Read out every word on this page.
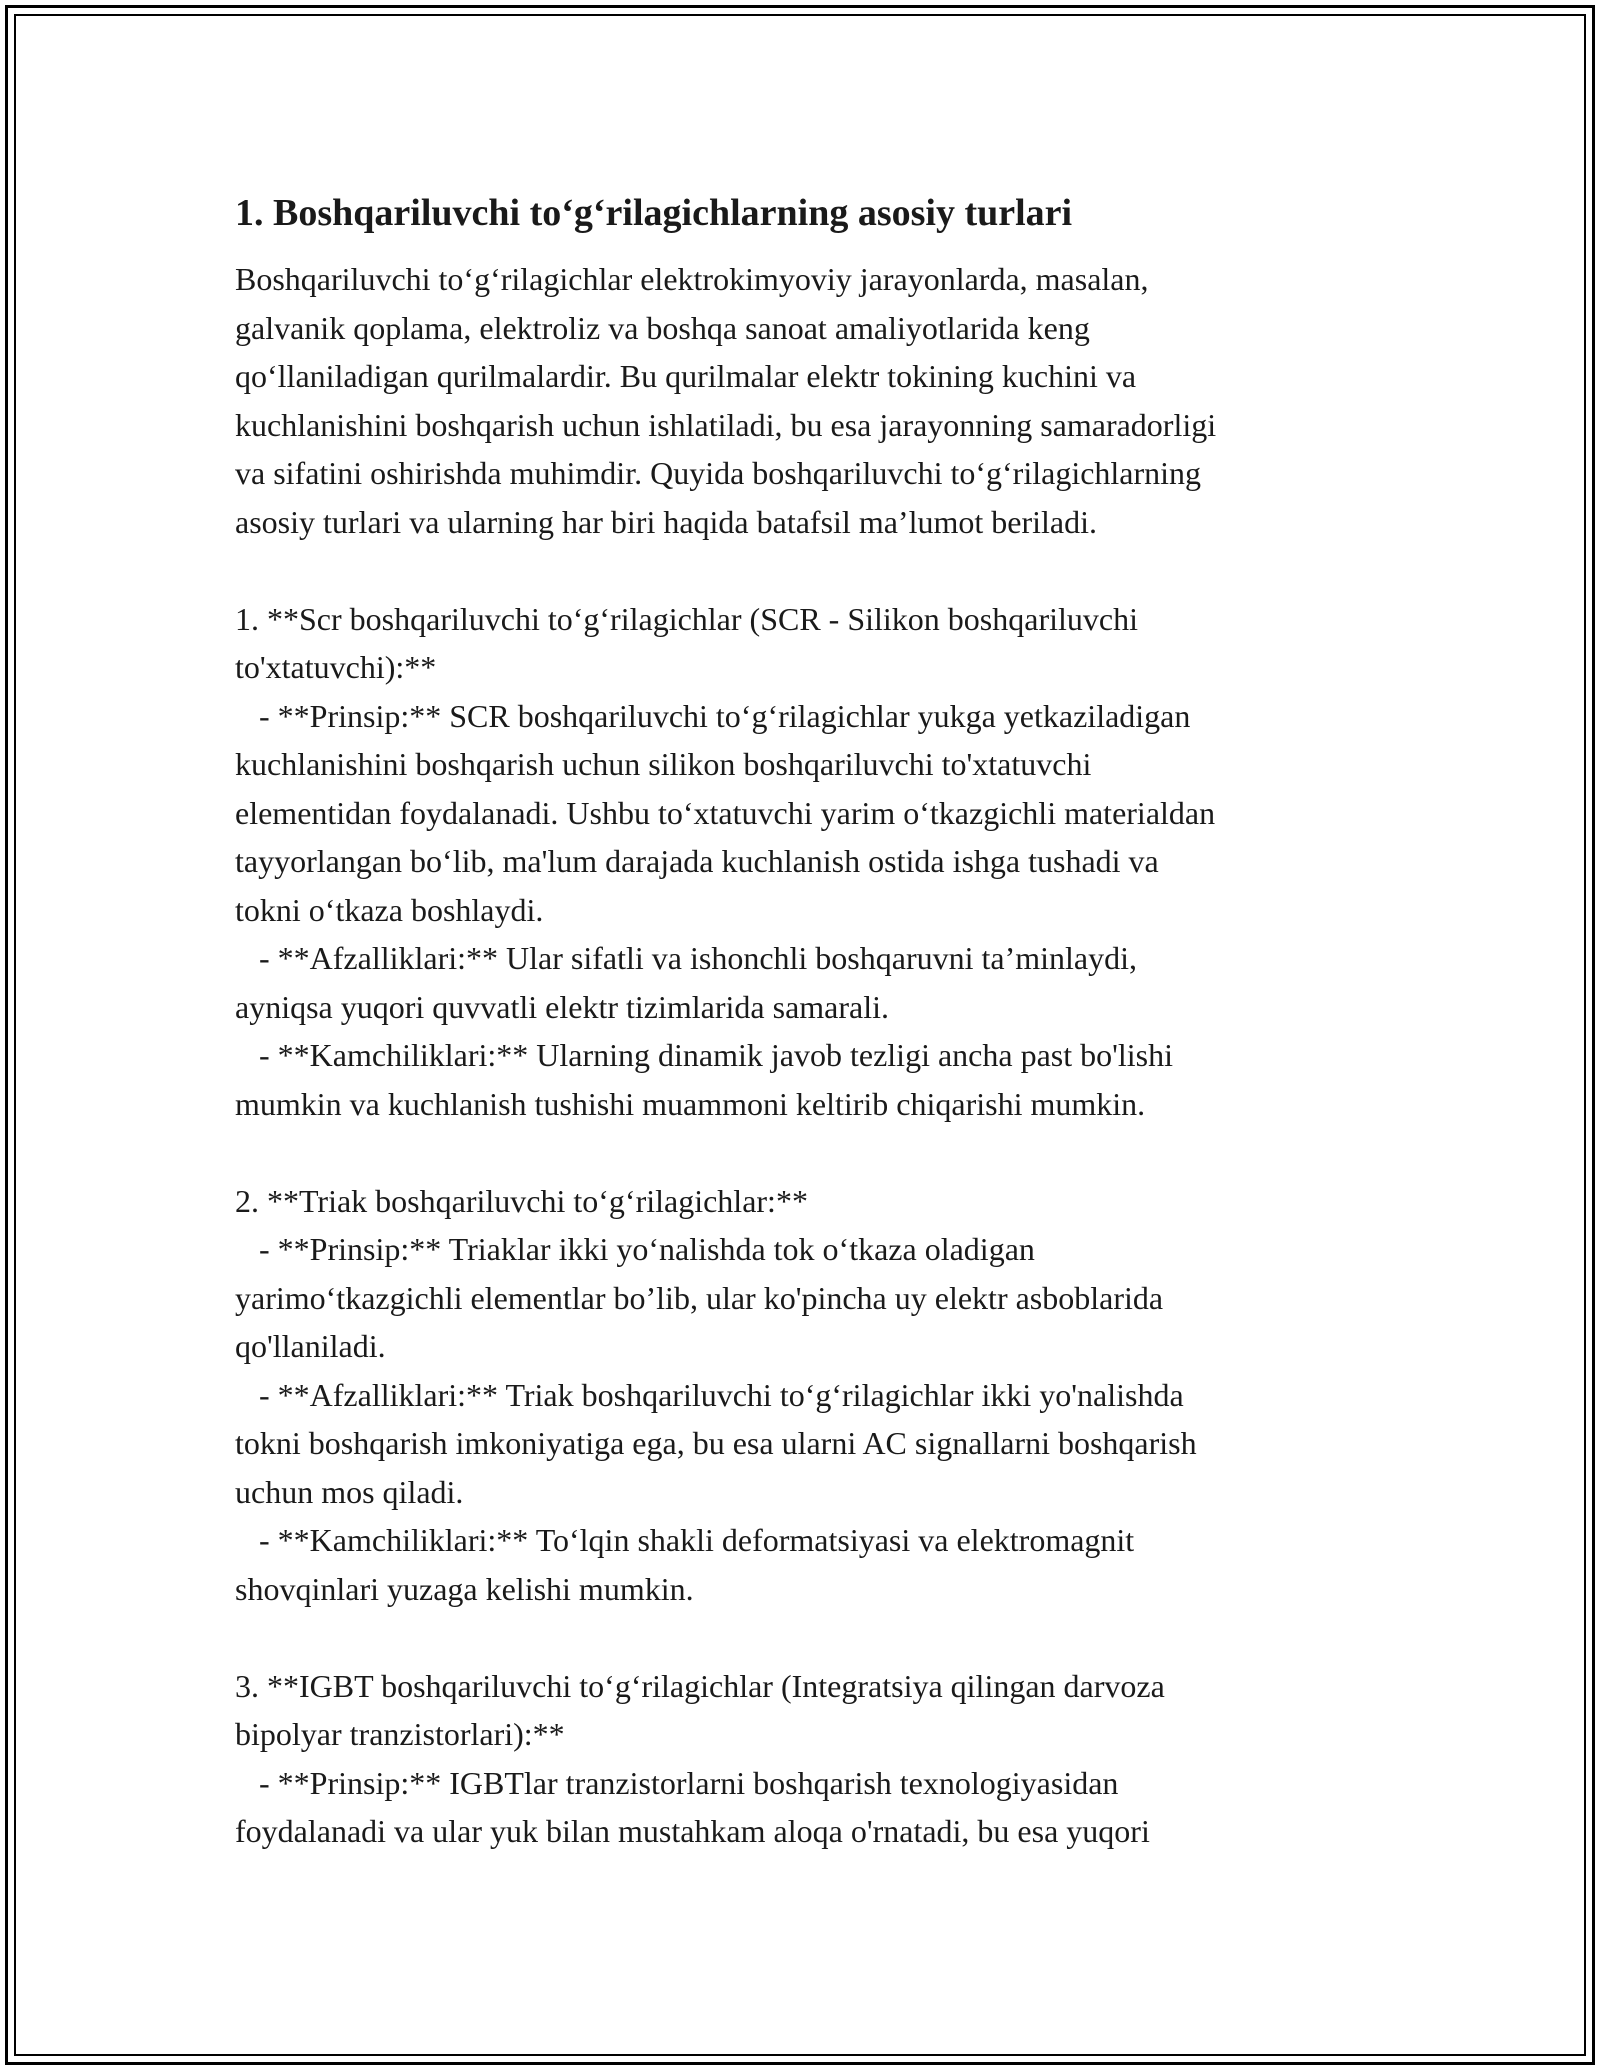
1. Boshqariluvchi to‘g‘rilagichlarning asosiy turlari
Boshqariluvchi to‘g‘rilagichlar elektrokimyoviy jarayonlarda, masalan,
galvanik qoplama, elektroliz va boshqa sanoat amaliyotlarida keng
qo‘llaniladigan qurilmalardir. Bu qurilmalar elektr tokining kuchini va
kuchlanishini boshqarish uchun ishlatiladi, bu esa jarayonning samaradorligi
va sifatini oshirishda muhimdir. Quyida boshqariluvchi to‘g‘rilagichlarning
asosiy turlari va ularning har biri haqida batafsil ma’lumot beriladi.
1. **Scr boshqariluvchi to‘g‘rilagichlar (SCR - Silikon boshqariluvchi
to'xtatuvchi):**
- **Prinsip:** SCR boshqariluvchi to‘g‘rilagichlar yukga yetkaziladigan
kuchlanishini boshqarish uchun silikon boshqariluvchi to'xtatuvchi
elementidan foydalanadi. Ushbu to‘xtatuvchi yarim o‘tkazgichli materialdan
tayyorlangan bo‘lib, ma'lum darajada kuchlanish ostida ishga tushadi va
tokni o‘tkaza boshlaydi.
- **Afzalliklari:** Ular sifatli va ishonchli boshqaruvni ta’minlaydi,
ayniqsa yuqori quvvatli elektr tizimlarida samarali.
- **Kamchiliklari:** Ularning dinamik javob tezligi ancha past bo'lishi
mumkin va kuchlanish tushishi muammoni keltirib chiqarishi mumkin.
2. **Triak boshqariluvchi to‘g‘rilagichlar:**
- **Prinsip:** Triaklar ikki yo‘nalishda tok o‘tkaza oladigan
yarimo‘tkazgichli elementlar bo’lib, ular ko'pincha uy elektr asboblarida
qo'llaniladi.
- **Afzalliklari:** Triak boshqariluvchi to‘g‘rilagichlar ikki yo'nalishda
tokni boshqarish imkoniyatiga ega, bu esa ularni AC signallarni boshqarish
uchun mos qiladi.
- **Kamchiliklari:** To‘lqin shakli deformatsiyasi va elektromagnit
shovqinlari yuzaga kelishi mumkin.
3. **IGBT boshqariluvchi to‘g‘rilagichlar (Integratsiya qilingan darvoza
bipolyar tranzistorlari):**
- **Prinsip:** IGBTlar tranzistorlarni boshqarish texnologiyasidan
foydalanadi va ular yuk bilan mustahkam aloqa o'rnatadi, bu esa yuqori
